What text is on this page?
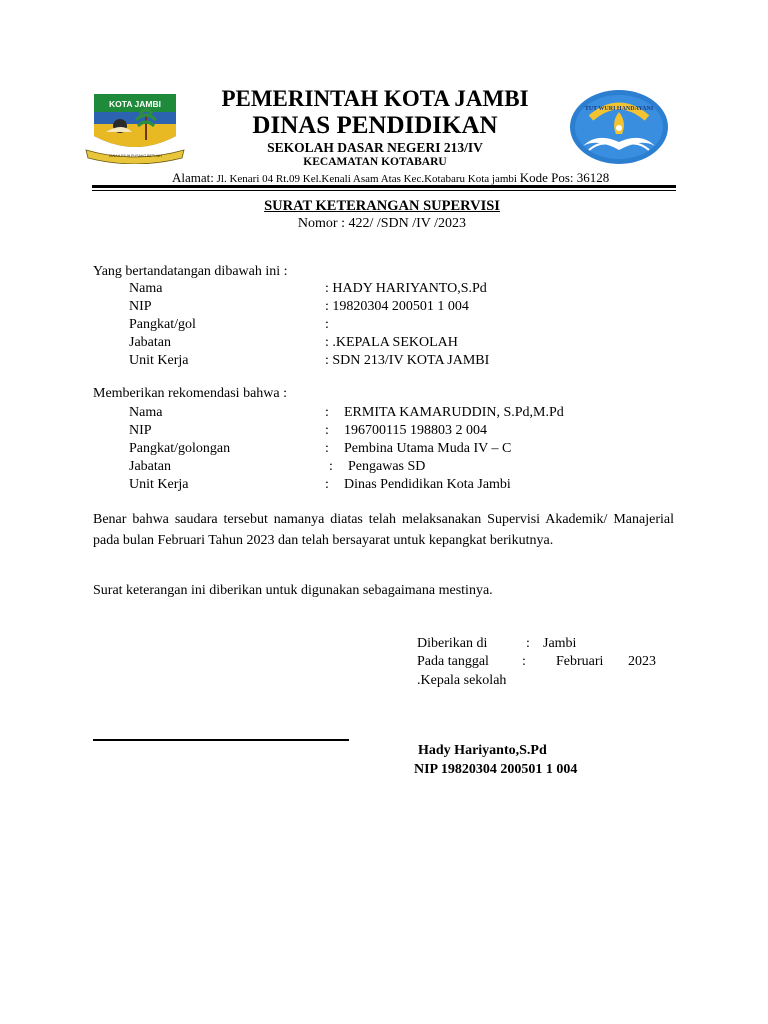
KOTA JAMBI
TANAH PILIH PUSAKO BETUAH
TUT WURI HANDAYANI
PEMERINTAH KOTA JAMBI
DINAS PENDIDIKAN
SEKOLAH DASAR NEGERI 213/IV
KECAMATAN KOTABARU
Alamat: Jl. Kenari 04 Rt.09 Kel.Kenali Asam Atas Kec.Kotabaru Kota jambi Kode Pos: 36128
SURAT KETERANGAN SUPERVISI
Nomor : 422/ /SDN /IV /2023
Yang bertandatangan dibawah ini :
Nama	: HADY HARIYANTO,S.Pd
NIP	: 19820304 200501 1 004
Pangkat/gol	:
Jabatan	: .KEPALA SEKOLAH
Unit Kerja	: SDN 213/IV KOTA JAMBI
Memberikan rekomendasi bahwa :
Nama	: ERMITA KAMARUDDIN, S.Pd,M.Pd
NIP	: 196700115 198803 2 004
Pangkat/golongan	: Pembina Utama Muda IV – C
Jabatan	: Pengawas SD
Unit Kerja	: Dinas Pendidikan Kota Jambi
Benar bahwa saudara tersebut namanya diatas telah melaksanakan Supervisi Akademik/ Manajerial pada bulan Februari Tahun 2023 dan telah bersayarat untuk kepangkat berikutnya.
Surat keterangan ini diberikan untuk digunakan sebagaimana mestinya.
Diberikan di	: Jambi
Pada tanggal : Februari 2023
.Kepala sekolah
Hady Hariyanto,S.Pd
NIP 19820304 200501 1 004
